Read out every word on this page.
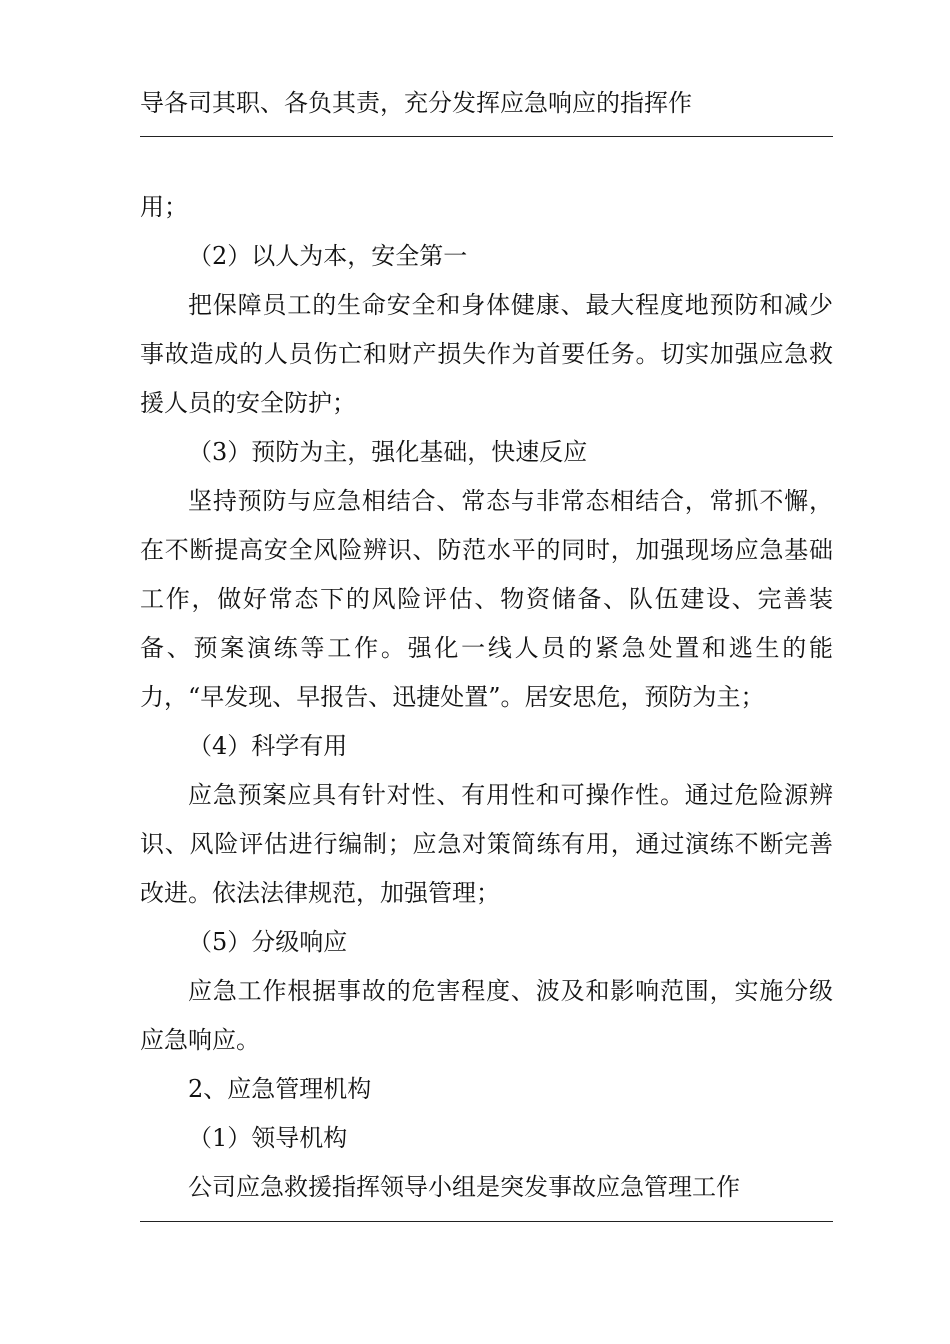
导各司其职、各负其责，充分发挥应急响应的指挥作

用；

（2）以人为本，安全第一

把保障员工的生命安全和身体健康、最大程度地预防和减少事故造成的人员伤亡和财产损失作为首要任务。切实加强应急救援人员的安全防护；

（3）预防为主，强化基础，快速反应

坚持预防与应急相结合、常态与非常态相结合，常抓不懈，在不断提高安全风险辨识、防范水平的同时，加强现场应急基础工作，做好常态下的风险评估、物资储备、队伍建设、完善装备、预案演练等工作。强化一线人员的紧急处置和逃生的能力，“早发现、早报告、迅捷处置”。居安思危，预防为主；

（4）科学有用

应急预案应具有针对性、有用性和可操作性。通过危险源辨识、风险评估进行编制；应急对策简练有用，通过演练不断完善改进。依法法律规范，加强管理；

（5）分级响应

应急工作根据事故的危害程度、波及和影响范围，实施分级应急响应。

2、应急管理机构

（1）领导机构

公司应急救援指挥领导小组是突发事故应急管理工作
